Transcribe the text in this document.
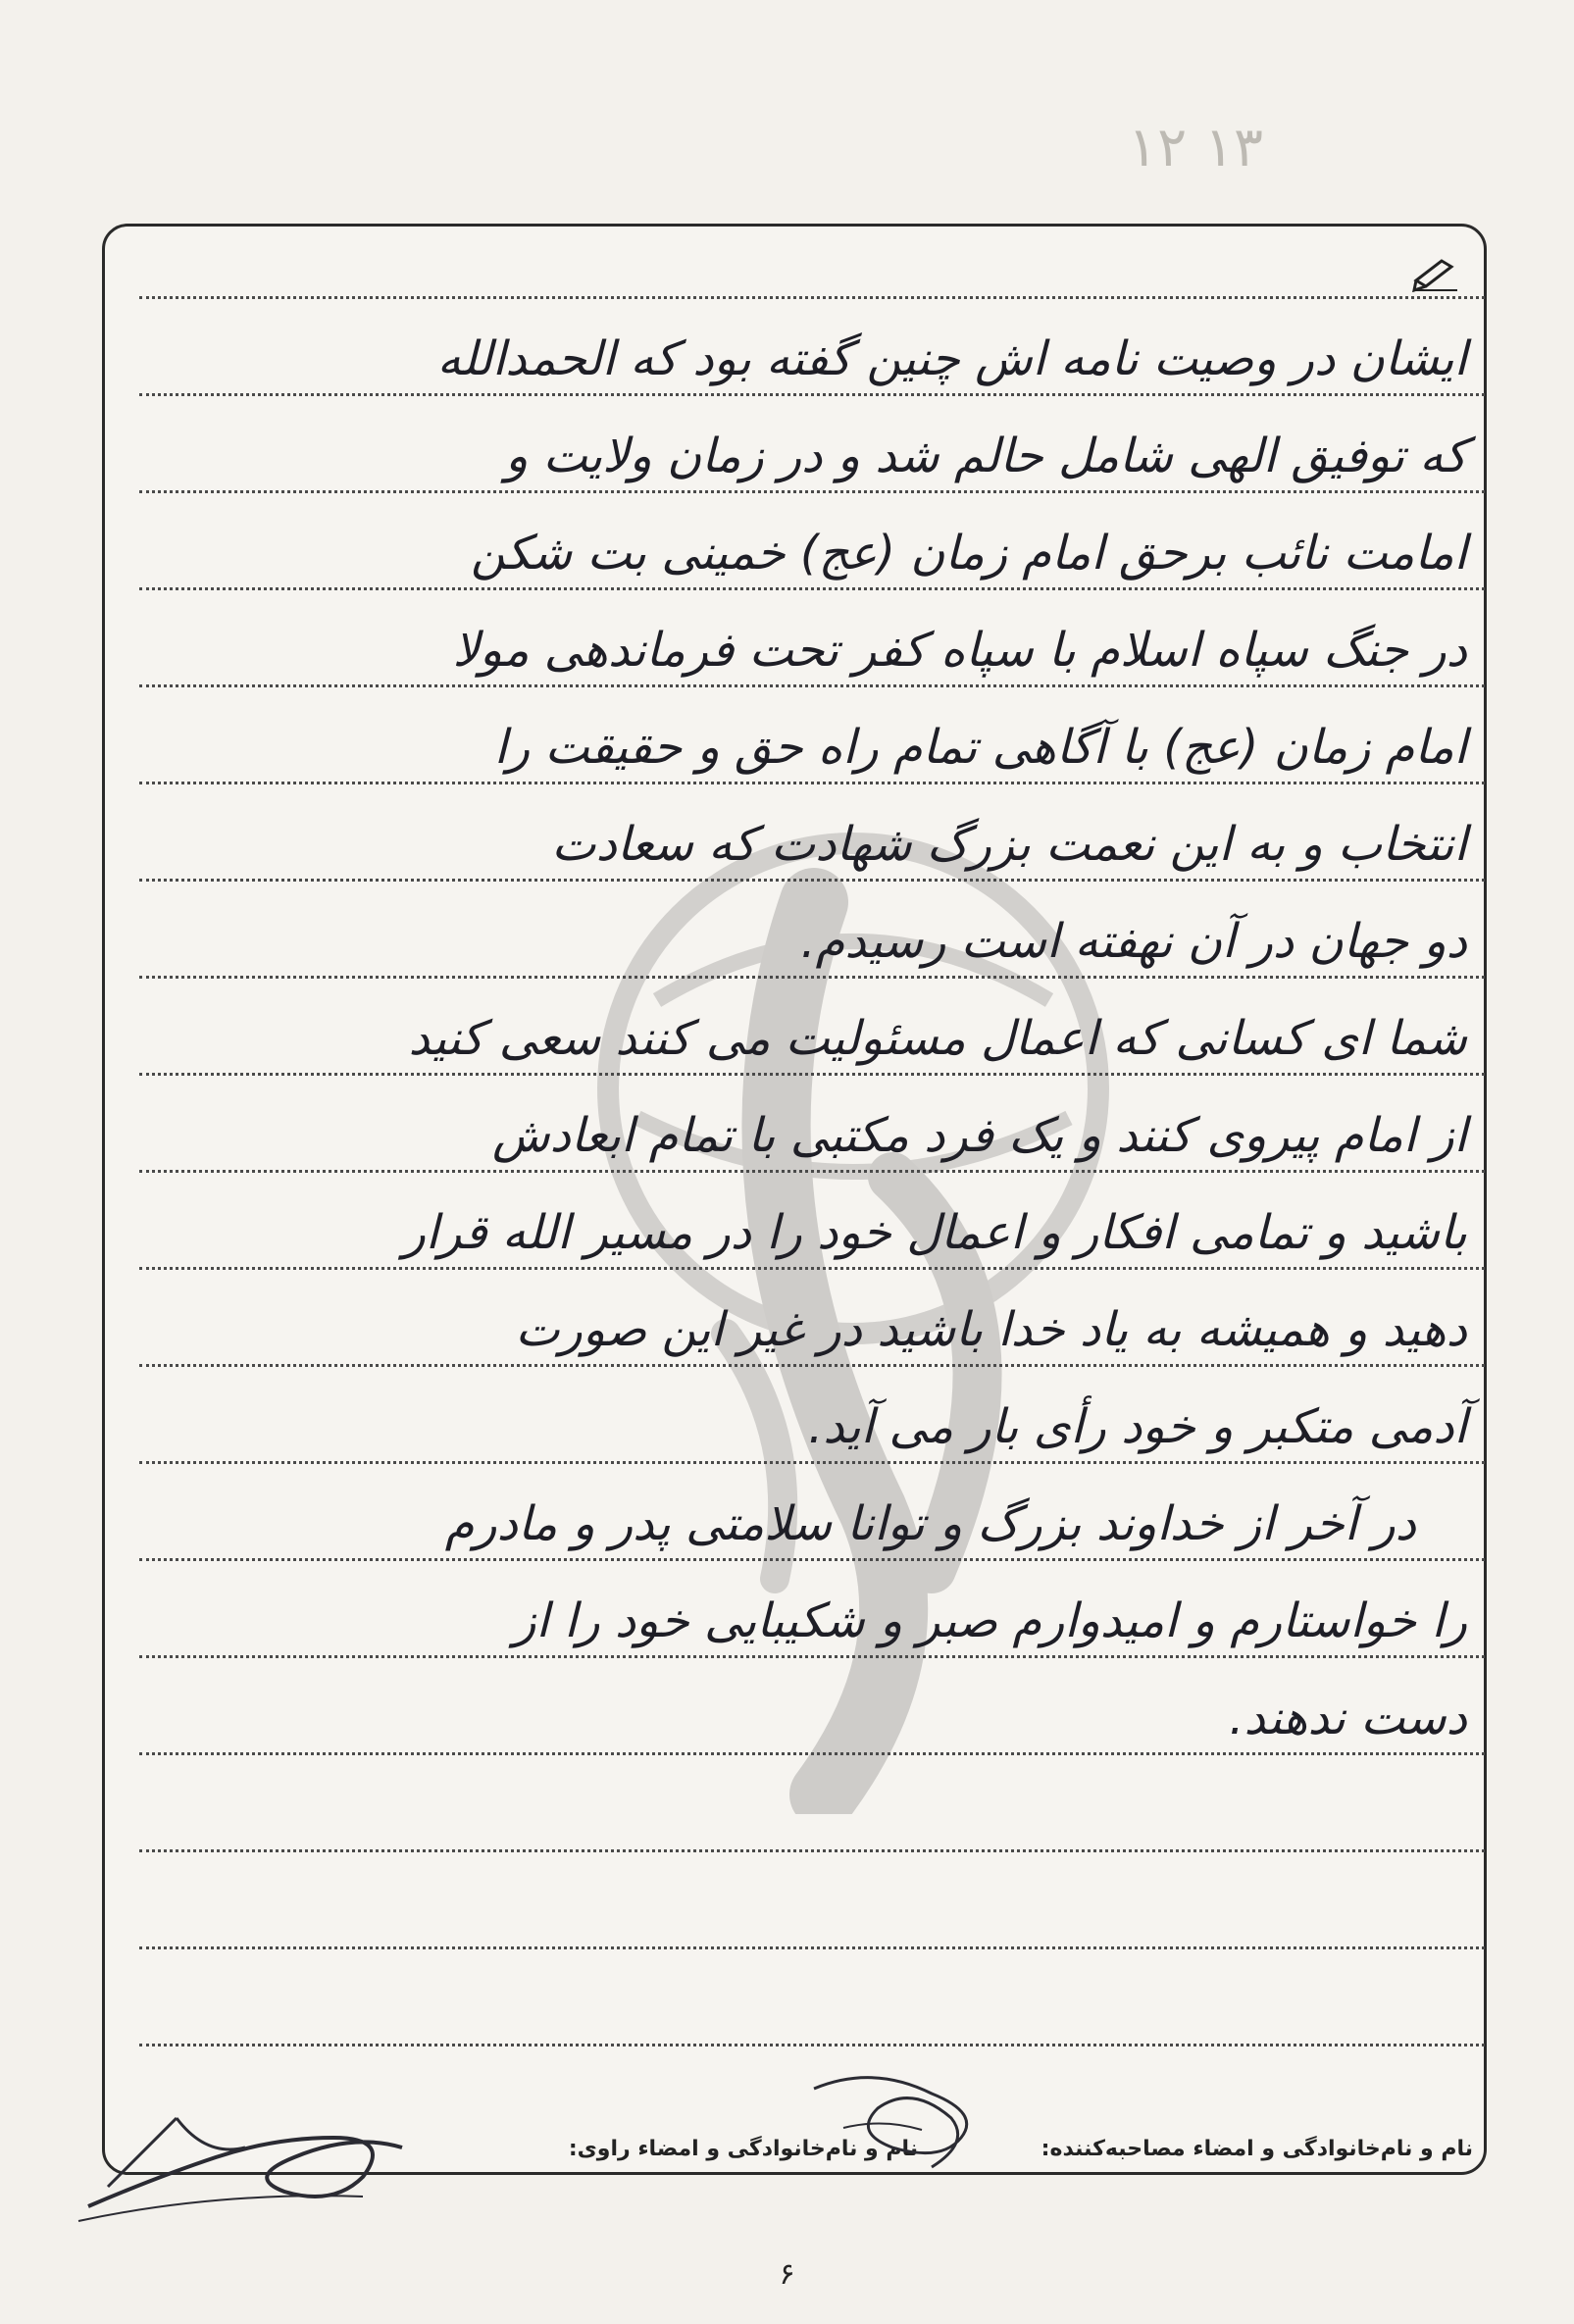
١٣ ١٢
ایشان در وصیت نامه اش چنین گفته بود که الحمدالله
که توفیق الهی شامل حالم شد و در زمان ولایت و
امامت نائب برحق امام زمان (عج) خمینی بت شکن
در جنگ سپاه اسلام با سپاه کفر تحت فرماندهی مولا
امام زمان (عج) با آگاهی تمام راه حق و حقیقت را
انتخاب و به این نعمت بزرگ شهادت که سعادت
دو جهان در آن نهفته است رسیدم.
شما ای کسانی که اعمال مسئولیت می کنند سعی کنید
از امام پیروی کنند و یک فرد مکتبی با تمام ابعادش
باشید و تمامی افکار و اعمال خود را در مسیر الله قرار
دهید و همیشه به یاد خدا باشید در غیر این صورت
آدمی متکبر و خود رأی بار می آید.
در آخر از خداوند بزرگ و توانا سلامتی پدر و مادرم
را خواستارم و امیدوارم صبر و شکیبایی خود را از
دست ندهند.
نام و نام‌خانوادگی و امضاء مصاحبه‌کننده:
نام و نام‌خانوادگی و امضاء راوی:
۶
